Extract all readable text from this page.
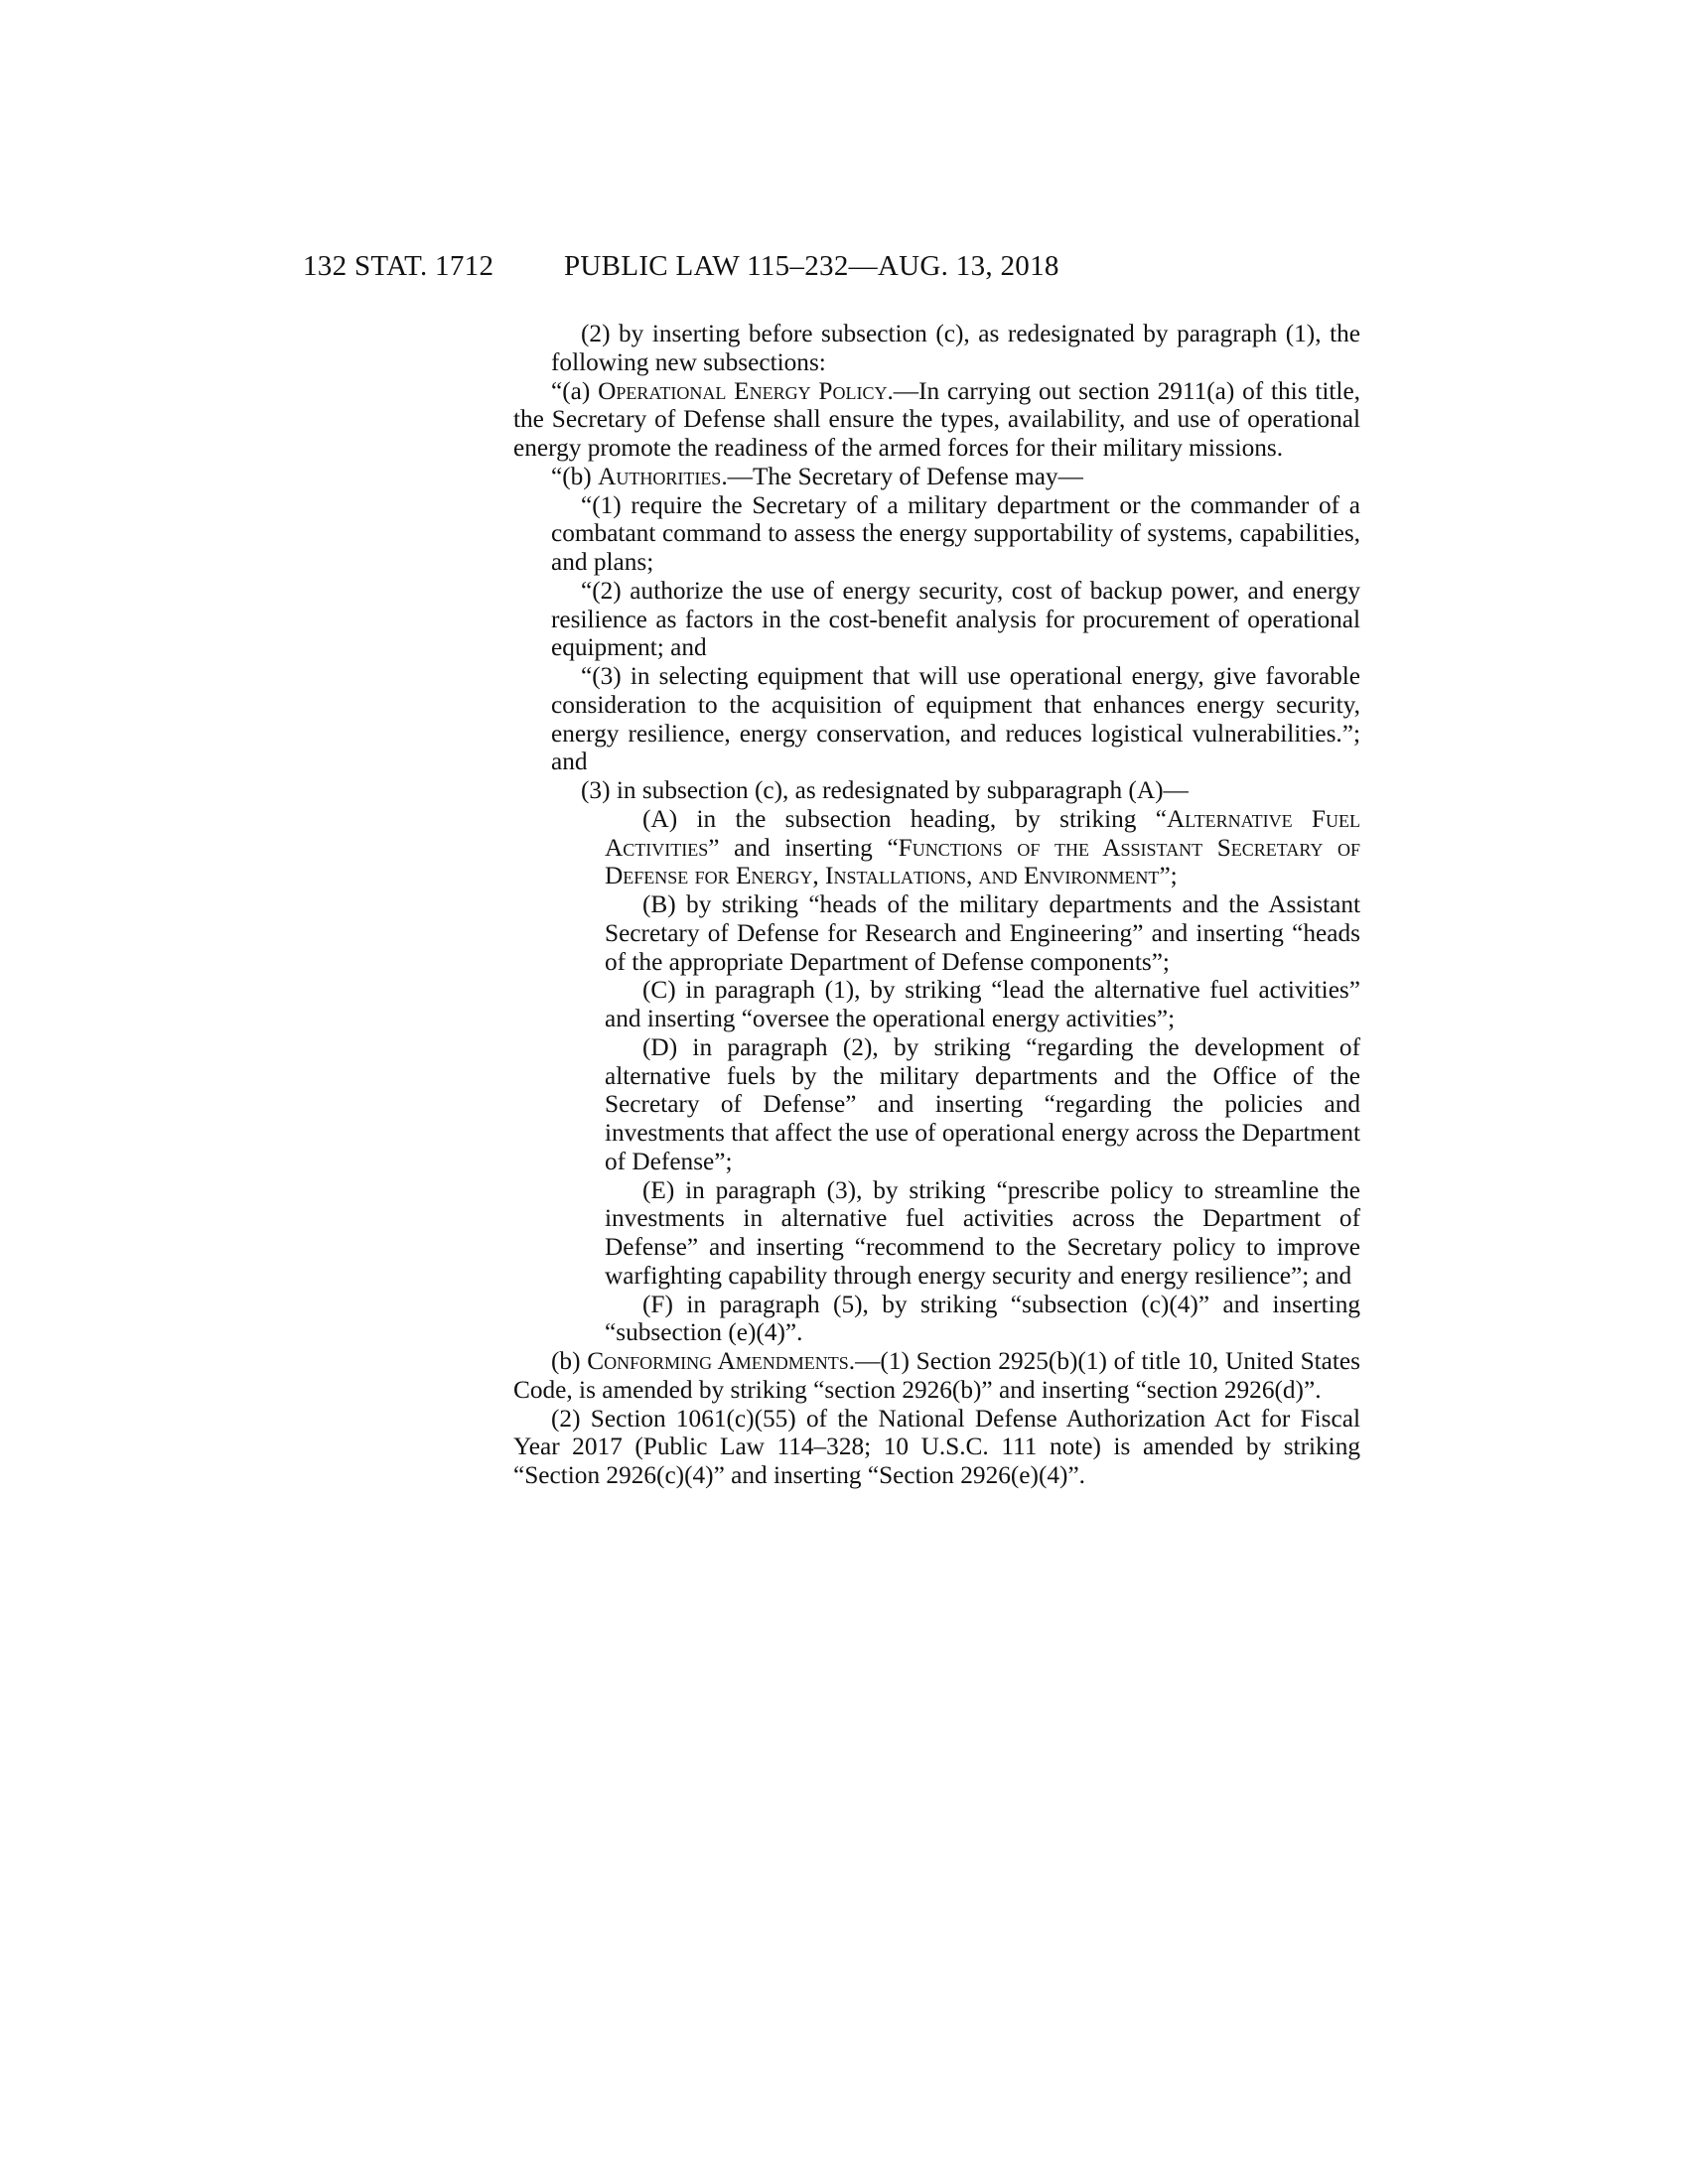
132 STAT. 1712 PUBLIC LAW 115–232—AUG. 13, 2018

(2) by inserting before subsection (c), as redesignated by paragraph (1), the following new subsections:

“(a) Operational Energy Policy.—In carrying out section 2911(a) of this title, the Secretary of Defense shall ensure the types, availability, and use of operational energy promote the readiness of the armed forces for their military missions.

“(b) Authorities.—The Secretary of Defense may—

“(1) require the Secretary of a military department or the commander of a combatant command to assess the energy supportability of systems, capabilities, and plans;

“(2) authorize the use of energy security, cost of backup power, and energy resilience as factors in the cost-benefit analysis for procurement of operational equipment; and

“(3) in selecting equipment that will use operational energy, give favorable consideration to the acquisition of equipment that enhances energy security, energy resilience, energy conservation, and reduces logistical vulnerabilities.”; and

(3) in subsection (c), as redesignated by subparagraph (A)—

(A) in the subsection heading, by striking “Alternative Fuel Activities” and inserting “Functions of the Assistant Secretary of Defense for Energy, Installations, and Environment”;

(B) by striking “heads of the military departments and the Assistant Secretary of Defense for Research and Engineering” and inserting “heads of the appropriate Department of Defense components”;

(C) in paragraph (1), by striking “lead the alternative fuel activities” and inserting “oversee the operational energy activities”;

(D) in paragraph (2), by striking “regarding the development of alternative fuels by the military departments and the Office of the Secretary of Defense” and inserting “regarding the policies and investments that affect the use of operational energy across the Department of Defense”;

(E) in paragraph (3), by striking “prescribe policy to streamline the investments in alternative fuel activities across the Department of Defense” and inserting “recommend to the Secretary policy to improve warfighting capability through energy security and energy resilience”; and

(F) in paragraph (5), by striking “subsection (c)(4)” and inserting “subsection (e)(4)”.

(b) Conforming Amendments.—(1) Section 2925(b)(1) of title 10, United States Code, is amended by striking “section 2926(b)” and inserting “section 2926(d)”.

(2) Section 1061(c)(55) of the National Defense Authorization Act for Fiscal Year 2017 (Public Law 114–328; 10 U.S.C. 111 note) is amended by striking “Section 2926(c)(4)” and inserting “Section 2926(e)(4)”.
